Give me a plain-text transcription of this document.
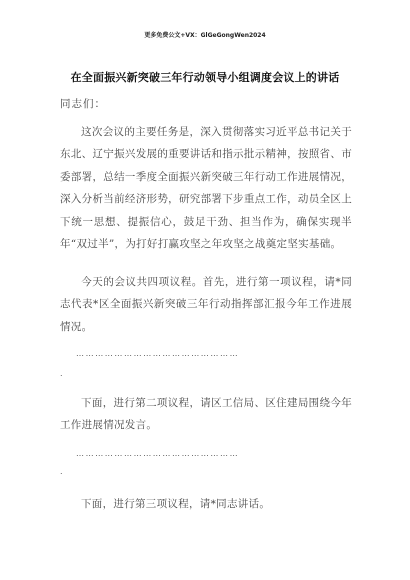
更多免费公文+VX：GlGeGongWen2024
在全面振兴新突破三年行动领导小组调度会议上的讲话
同志们：
这次会议的主要任务是，深入贯彻落实习近平总书记关于东北、辽宁振兴发展的重要讲话和指示批示精神，按照省、市委部署，总结一季度全面振兴新突破三年行动工作进展情况，深入分析当前经济形势，研究部署下步重点工作，动员全区上下统一思想、提振信心，鼓足干劲、担当作为，确保实现半年“双过半”，为打好打赢攻坚之年攻坚之战奠定坚实基础。
今天的会议共四项议程。首先，进行第一项议程，请*同志代表*区全面振兴新突破三年行动指挥部汇报今年工作进展情况。
……………………………………………
.
下面，进行第二项议程，请区工信局、区住建局围绕今年工作进展情况发言。
……………………………………………
.
下面，进行第三项议程，请*同志讲话。
